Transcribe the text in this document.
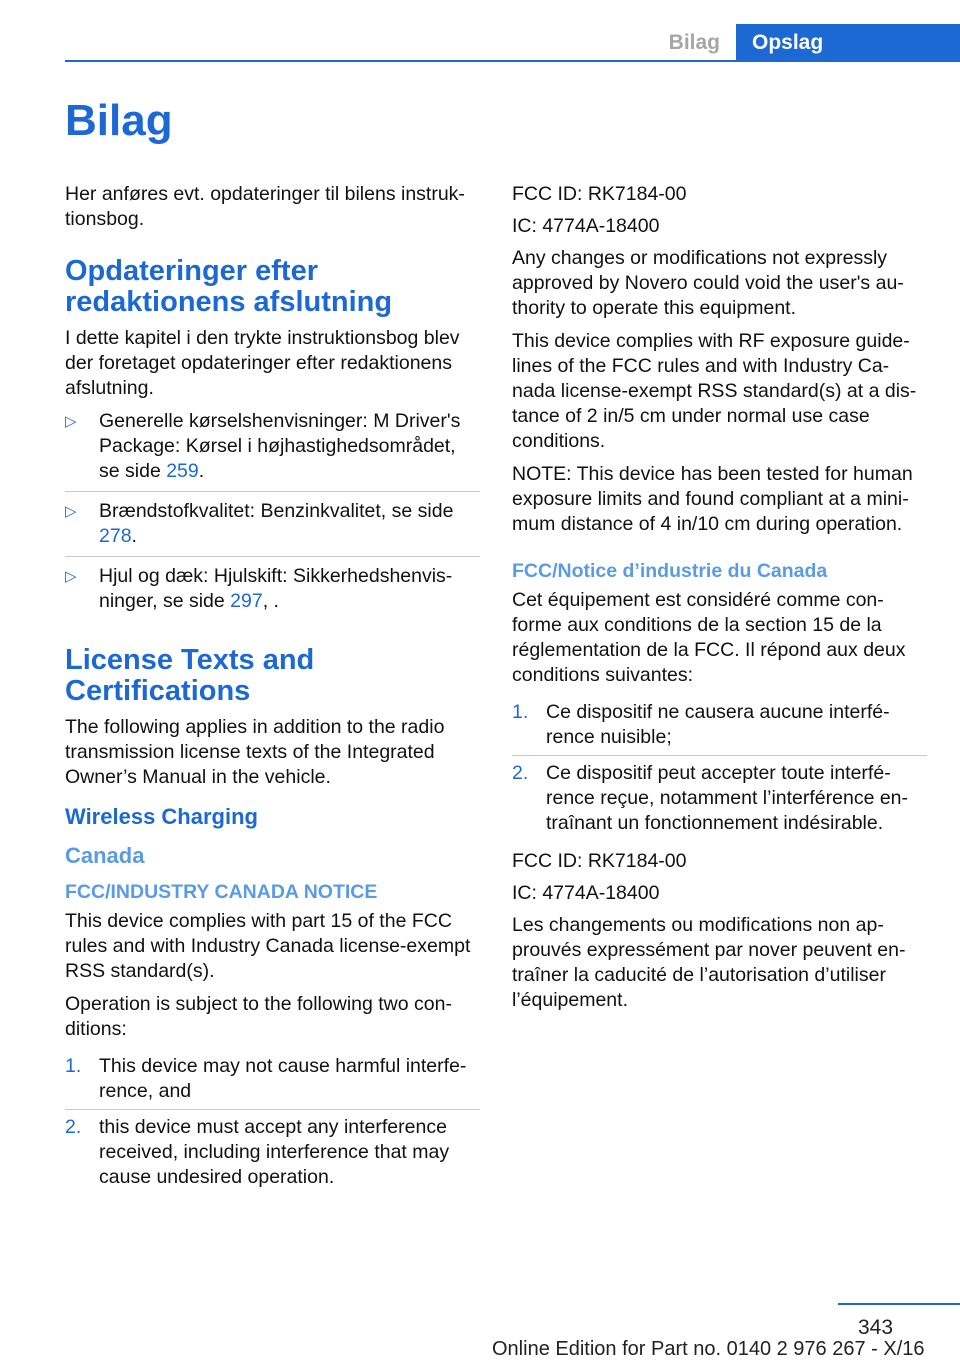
Bilag	Opslag
Bilag

Her anføres evt. opdateringer til bilens instruk-tionsbog.

Opdateringer efter redaktionens afslutning

I dette kapitel i den trykte instruktionsbog blev der foretaget opdateringer efter redaktionens afslutning.

▷ Generelle kørselshenvisninger: M Driver's Package: Kørsel i højhastighedsområdet, se side 259.
▷ Brændstofkvalitet: Benzinkvalitet, se side 278.
▷ Hjul og dæk: Hjulskift: Sikkerhedshenvis-ninger, se side 297, .
License Texts and Certifications

The following applies in addition to the radio transmission license texts of the Integrated Owner’s Manual in the vehicle.

Wireless Charging
Canada
FCC/INDUSTRY CANADA NOTICE

This device complies with part 15 of the FCC rules and with Industry Canada license-exempt RSS standard(s).

Operation is subject to the following two con-ditions:

1. This device may not cause harmful interfe-rence, and
2. this device must accept any interference received, including interference that may cause undesired operation.

FCC ID: RK7184-00

IC: 4774A-18400

Any changes or modifications not expressly approved by Novero could void the user's au-thority to operate this equipment.

This device complies with RF exposure guide-lines of the FCC rules and with Industry Ca-nada license-exempt RSS standard(s) at a dis-tance of 2 in/5 cm under normal use case conditions.

NOTE: This device has been tested for human exposure limits and found compliant at a mini-mum distance of 4 in/10 cm during operation.

FCC/Notice d’industrie du Canada

Cet équipement est considéré comme con-forme aux conditions de la section 15 de la réglementation de la FCC. Il répond aux deux conditions suivantes:

1. Ce dispositif ne causera aucune interfé-rence nuisible;
2. Ce dispositif peut accepter toute interfé-rence reçue, notamment l’interférence en-traînant un fonctionnement indésirable.

FCC ID: RK7184-00

IC: 4774A-18400

Les changements ou modifications non ap-prouvés expressément par nover peuvent en-traîner la caducité de l’autorisation d’utiliser l’équipement.

343
Online Edition for Part no. 0140 2 976 267 - X/16
